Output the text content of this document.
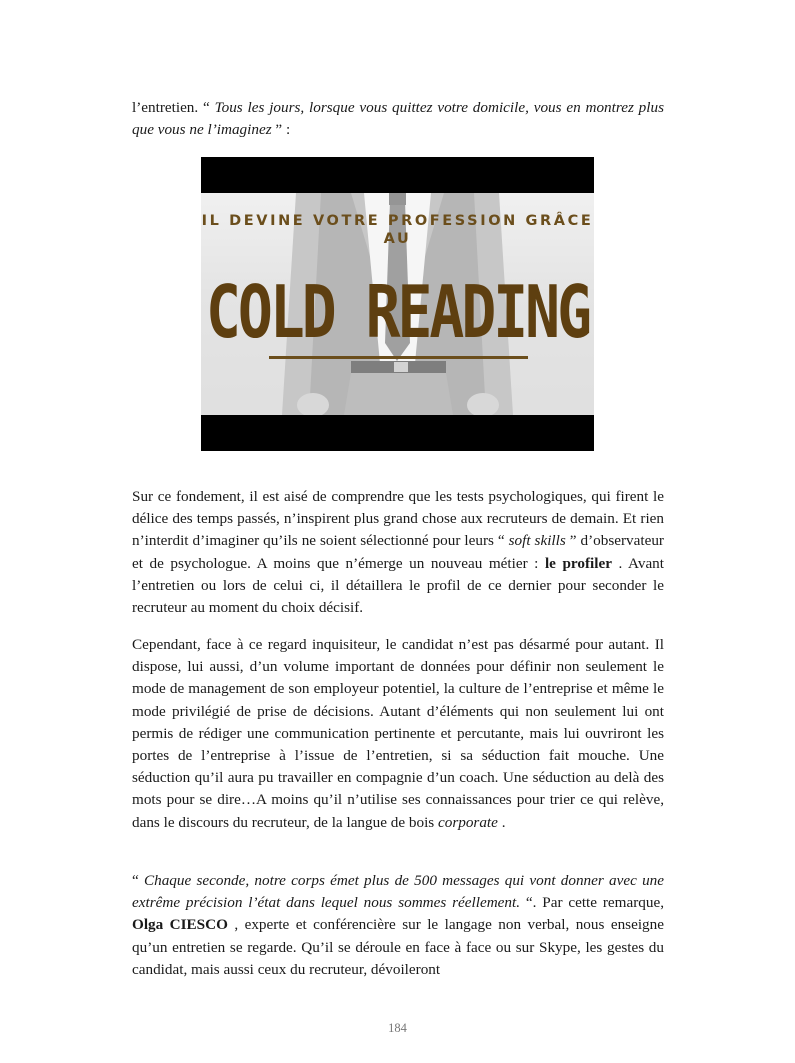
l’entretien. “ Tous les jours, lorsque vous quittez votre domicile, vous en montrez plus que vous ne l’imaginez ” :

IL DEVINE VOTRE PROFESSION GRÂCE
AU
COLD READING

Sur ce fondement, il est aisé de comprendre que les tests psychologiques, qui firent le délice des temps passés, n’inspirent plus grand chose aux recruteurs de demain. Et rien n’interdit d’imaginer qu’ils ne soient sélectionné pour leurs “ soft skills ” d’observateur et de psychologue. A moins que n’émerge un nouveau métier : le profiler . Avant l’entretien ou lors de celui ci, il détaillera le profil de ce dernier pour seconder le recruteur au moment du choix décisif.

Cependant, face à ce regard inquisiteur, le candidat n’est pas désarmé pour autant. Il dispose, lui aussi, d’un volume important de données pour définir non seulement le mode de management de son employeur potentiel, la culture de l’entreprise et même le mode privilégié de prise de décisions. Autant d’éléments qui non seulement lui ont permis de rédiger une communication pertinente et percutante, mais lui ouvriront les portes de l’entreprise à l’issue de l’entretien, si sa séduction fait mouche. Une séduction qu’il aura pu travailler en compagnie d’un coach. Une séduction au delà des mots pour se dire…A moins qu’il n’utilise ses connaissances pour trier ce qui relève, dans le discours du recruteur, de la langue de bois corporate .

“ Chaque seconde, notre corps émet plus de 500 messages qui vont donner avec une extrême précision l’état dans lequel nous sommes réellement. “. Par cette remarque, Olga CIESCO , experte et conférencière sur le langage non verbal, nous enseigne qu’un entretien se regarde. Qu’il se déroule en face à face ou sur Skype, les gestes du candidat, mais aussi ceux du recruteur, dévoileront

184
